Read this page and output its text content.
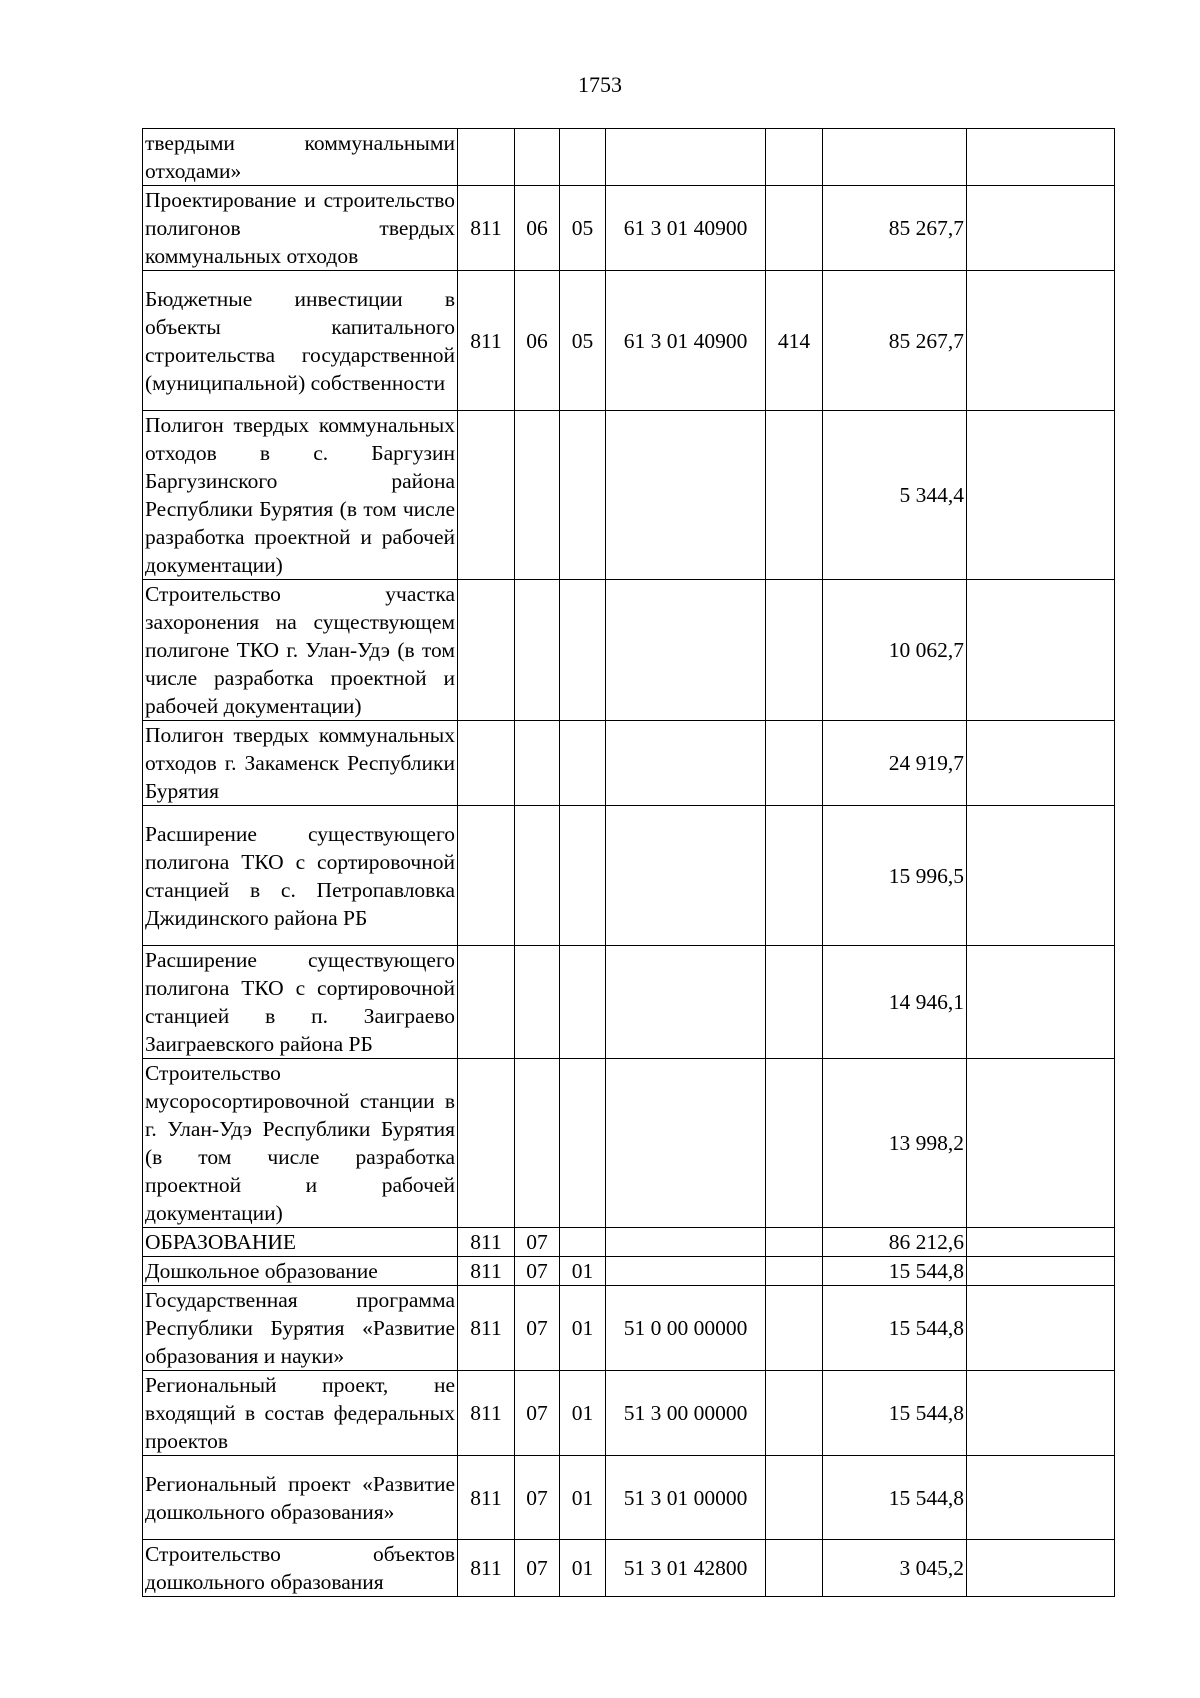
1753
твердыми коммунальными отходами»							
Проектирование и строительство полигонов твердых коммунальных отходов	811	06	05	61 3 01 40900		85 267,7	
Бюджетные инвестиции в объекты капитального строительства государственной (муниципальной) собственности	811	06	05	61 3 01 40900	414	85 267,7	
Полигон твердых коммунальных отходов в с. Баргузин Баргузинского района Республики Бурятия (в том числе разработка проектной и рабочей документации)						5 344,4	
Строительство участка захоронения на существующем полигоне ТКО г. Улан-Удэ (в том числе разработка проектной и рабочей документации)						10 062,7	
Полигон твердых коммунальных отходов г. Закаменск Республики Бурятия						24 919,7	
Расширение существующего полигона ТКО с сортировочной станцией в с. Петропавловка Джидинского района РБ						15 996,5	
Расширение существующего полигона ТКО с сортировочной станцией в п. Заиграево Заиграевского района РБ						14 946,1	
Строительство мусоросортировочной станции в г. Улан-Удэ Республики Бурятия (в том числе разработка проектной и рабочей документации)						13 998,2	
ОБРАЗОВАНИЕ	811	07				86 212,6	
Дошкольное образование	811	07	01			15 544,8	
Государственная программа Республики Бурятия «Развитие образования и науки»	811	07	01	51 0 00 00000		15 544,8	
Региональный проект, не входящий в состав федеральных проектов	811	07	01	51 3 00 00000		15 544,8	
Региональный проект «Развитие дошкольного образования»	811	07	01	51 3 01 00000		15 544,8	
Строительство объектов дошкольного образования	811	07	01	51 3 01 42800		3 045,2	
